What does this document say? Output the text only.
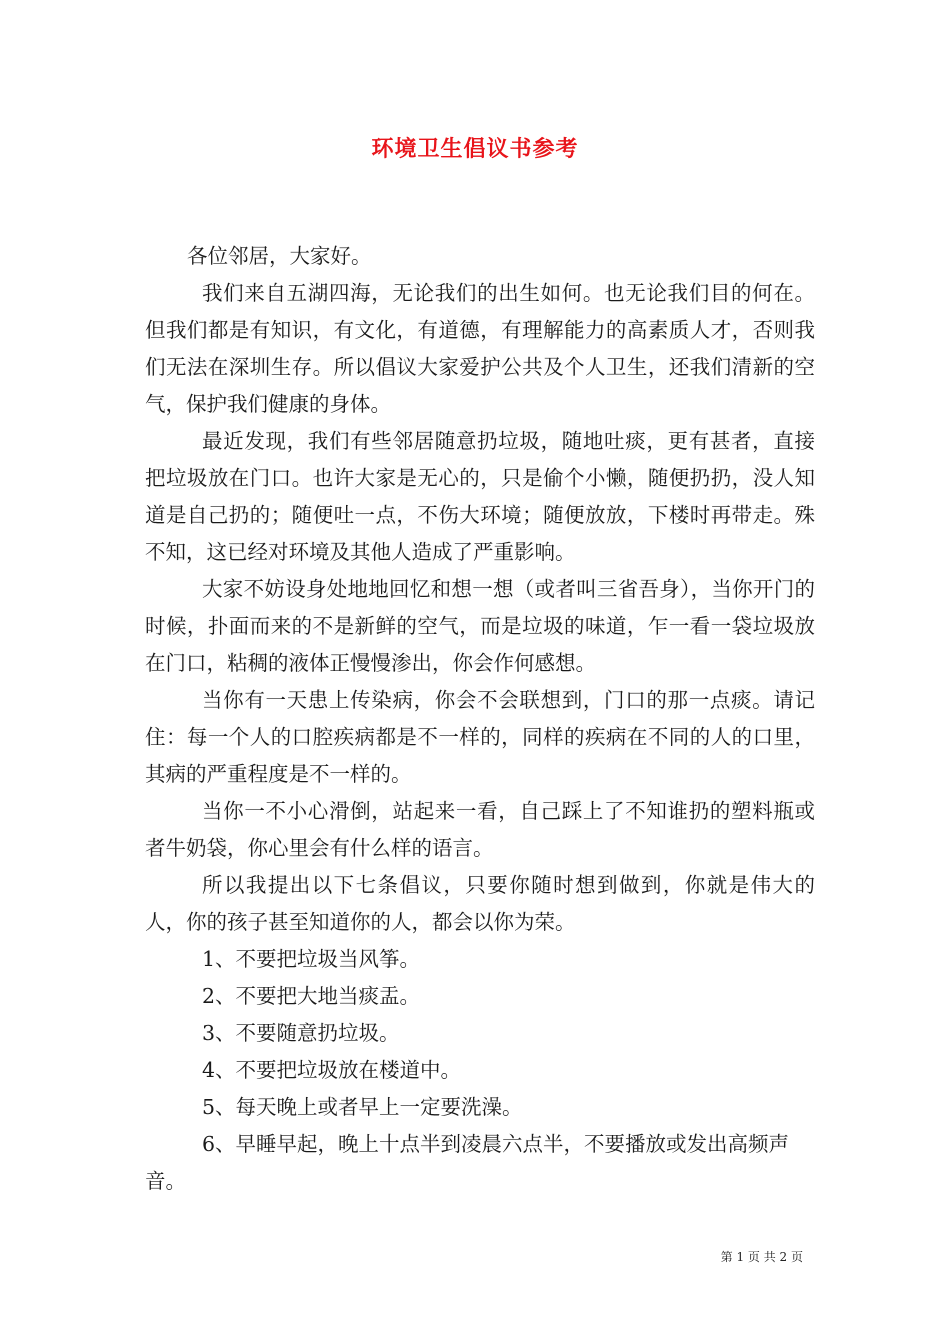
环境卫生倡议书参考

各位邻居，大家好。

我们来自五湖四海，无论我们的出生如何。也无论我们目的何在。但我们都是有知识，有文化，有道德，有理解能力的高素质人才，否则我们无法在深圳生存。所以倡议大家爱护公共及个人卫生，还我们清新的空气，保护我们健康的身体。

最近发现，我们有些邻居随意扔垃圾，随地吐痰，更有甚者，直接把垃圾放在门口。也许大家是无心的，只是偷个小懒，随便扔扔，没人知道是自己扔的；随便吐一点，不伤大环境；随便放放，下楼时再带走。殊不知，这已经对环境及其他人造成了严重影响。

大家不妨设身处地地回忆和想一想（或者叫三省吾身），当你开门的时候，扑面而来的不是新鲜的空气，而是垃圾的味道，乍一看一袋垃圾放在门口，粘稠的液体正慢慢渗出，你会作何感想。

当你有一天患上传染病，你会不会联想到，门口的那一点痰。请记住：每一个人的口腔疾病都是不一样的，同样的疾病在不同的人的口里，其病的严重程度是不一样的。

当你一不小心滑倒，站起来一看，自己踩上了不知谁扔的塑料瓶或者牛奶袋，你心里会有什么样的语言。

所以我提出以下七条倡议，只要你随时想到做到，你就是伟大的人，你的孩子甚至知道你的人，都会以你为荣。

1、不要把垃圾当风筝。

2、不要把大地当痰盂。

3、不要随意扔垃圾。

4、不要把垃圾放在楼道中。

5、每天晚上或者早上一定要洗澡。

6、早睡早起，晚上十点半到凌晨六点半，不要播放或发出高频声音。

第 1 页 共 2 页
